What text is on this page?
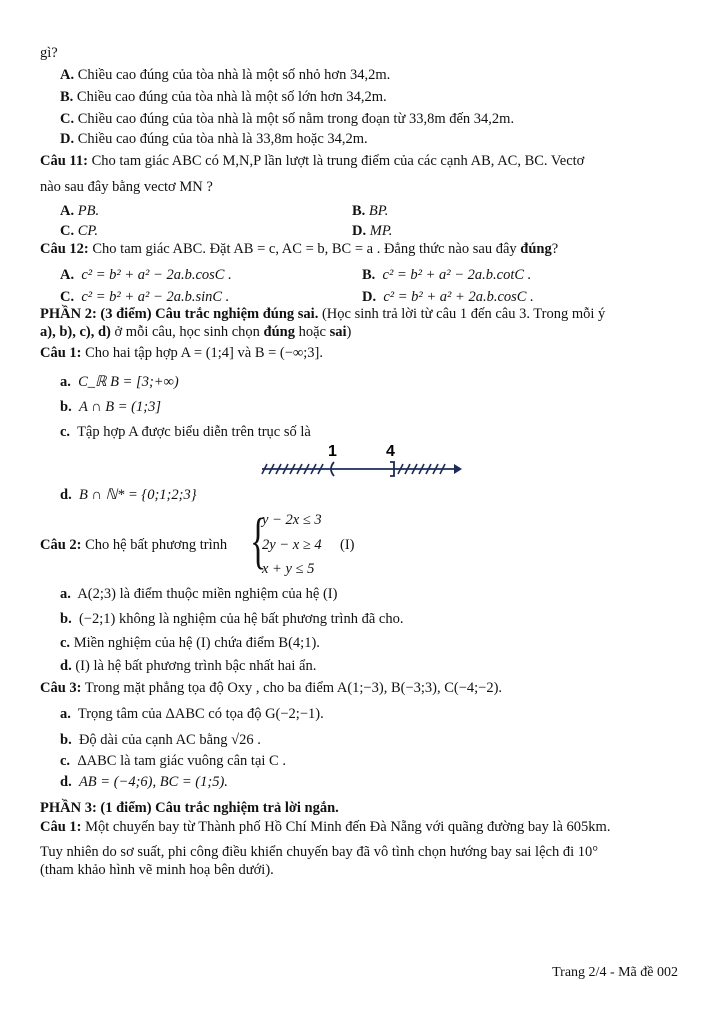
gì?
A. Chiều cao đúng của tòa nhà là một số nhỏ hơn 34,2m.
B. Chiều cao đúng của tòa nhà là một số lớn hơn 34,2m.
C. Chiều cao đúng của tòa nhà là một số nằm trong đoạn từ 33,8m đến 34,2m.
D. Chiều cao đúng của tòa nhà là 33,8m hoặc 34,2m.
Câu 11: Cho tam giác ABC có M,N,P lần lượt là trung điểm của các cạnh AB, AC, BC. Vectơ
nào sau đây bằng vectơ MN ?
A. PB.	B. BP.
C. CP.	D. MP.
Câu 12: Cho tam giác ABC. Đặt AB = c, AC = b, BC = a . Đẳng thức nào sau đây đúng?
A. c² = b² + a² − 2a.b.cosC .	B. c² = b² + a² − 2a.b.cotC .
C. c² = b² + a² − 2a.b.sinC .	D. c² = b² + a² + 2a.b.cosC .
PHẦN 2: (3 điểm) Câu trắc nghiệm đúng sai. (Học sinh trả lời từ câu 1 đến câu 3. Trong mỗi ý
a), b), c), d) ở mỗi câu, học sinh chọn đúng hoặc sai)
Câu 1: Cho hai tập hợp A = (1;4] và B = (−∞;3].
a. C_ℝ B = [3;+∞)
b. A ∩ B = (1;3]
c. Tập hợp A được biểu diễn trên trục số là
1	4
d. B ∩ ℕ* = {0;1;2;3}
Câu 2: Cho hệ bất phương trình {
y − 2x ≤ 3
2y − x ≥ 4
x + y ≤ 5
(I)
a. A(2;3) là điểm thuộc miền nghiệm của hệ (I)
b. (−2;1) không là nghiệm của hệ bất phương trình đã cho.
c. Miền nghiệm của hệ (I) chứa điểm B(4;1).
d. (I) là hệ bất phương trình bậc nhất hai ẩn.
Câu 3: Trong mặt phẳng tọa độ Oxy , cho ba điểm A(1;−3), B(−3;3), C(−4;−2).
a. Trọng tâm của ΔABC có tọa độ G(−2;−1).
b. Độ dài của cạnh AC bằng √26 .
c. ΔABC là tam giác vuông cân tại C .
d. AB = (−4;6), BC = (1;5).
PHẦN 3: (1 điểm) Câu trắc nghiệm trả lời ngắn.
Câu 1: Một chuyến bay từ Thành phố Hồ Chí Minh đến Đà Nẵng với quãng đường bay là 605km.
Tuy nhiên do sơ suất, phi công điều khiển chuyến bay đã vô tình chọn hướng bay sai lệch đi 10°
(tham khảo hình vẽ minh hoạ bên dưới).
Trang 2/4 - Mã đề 002
